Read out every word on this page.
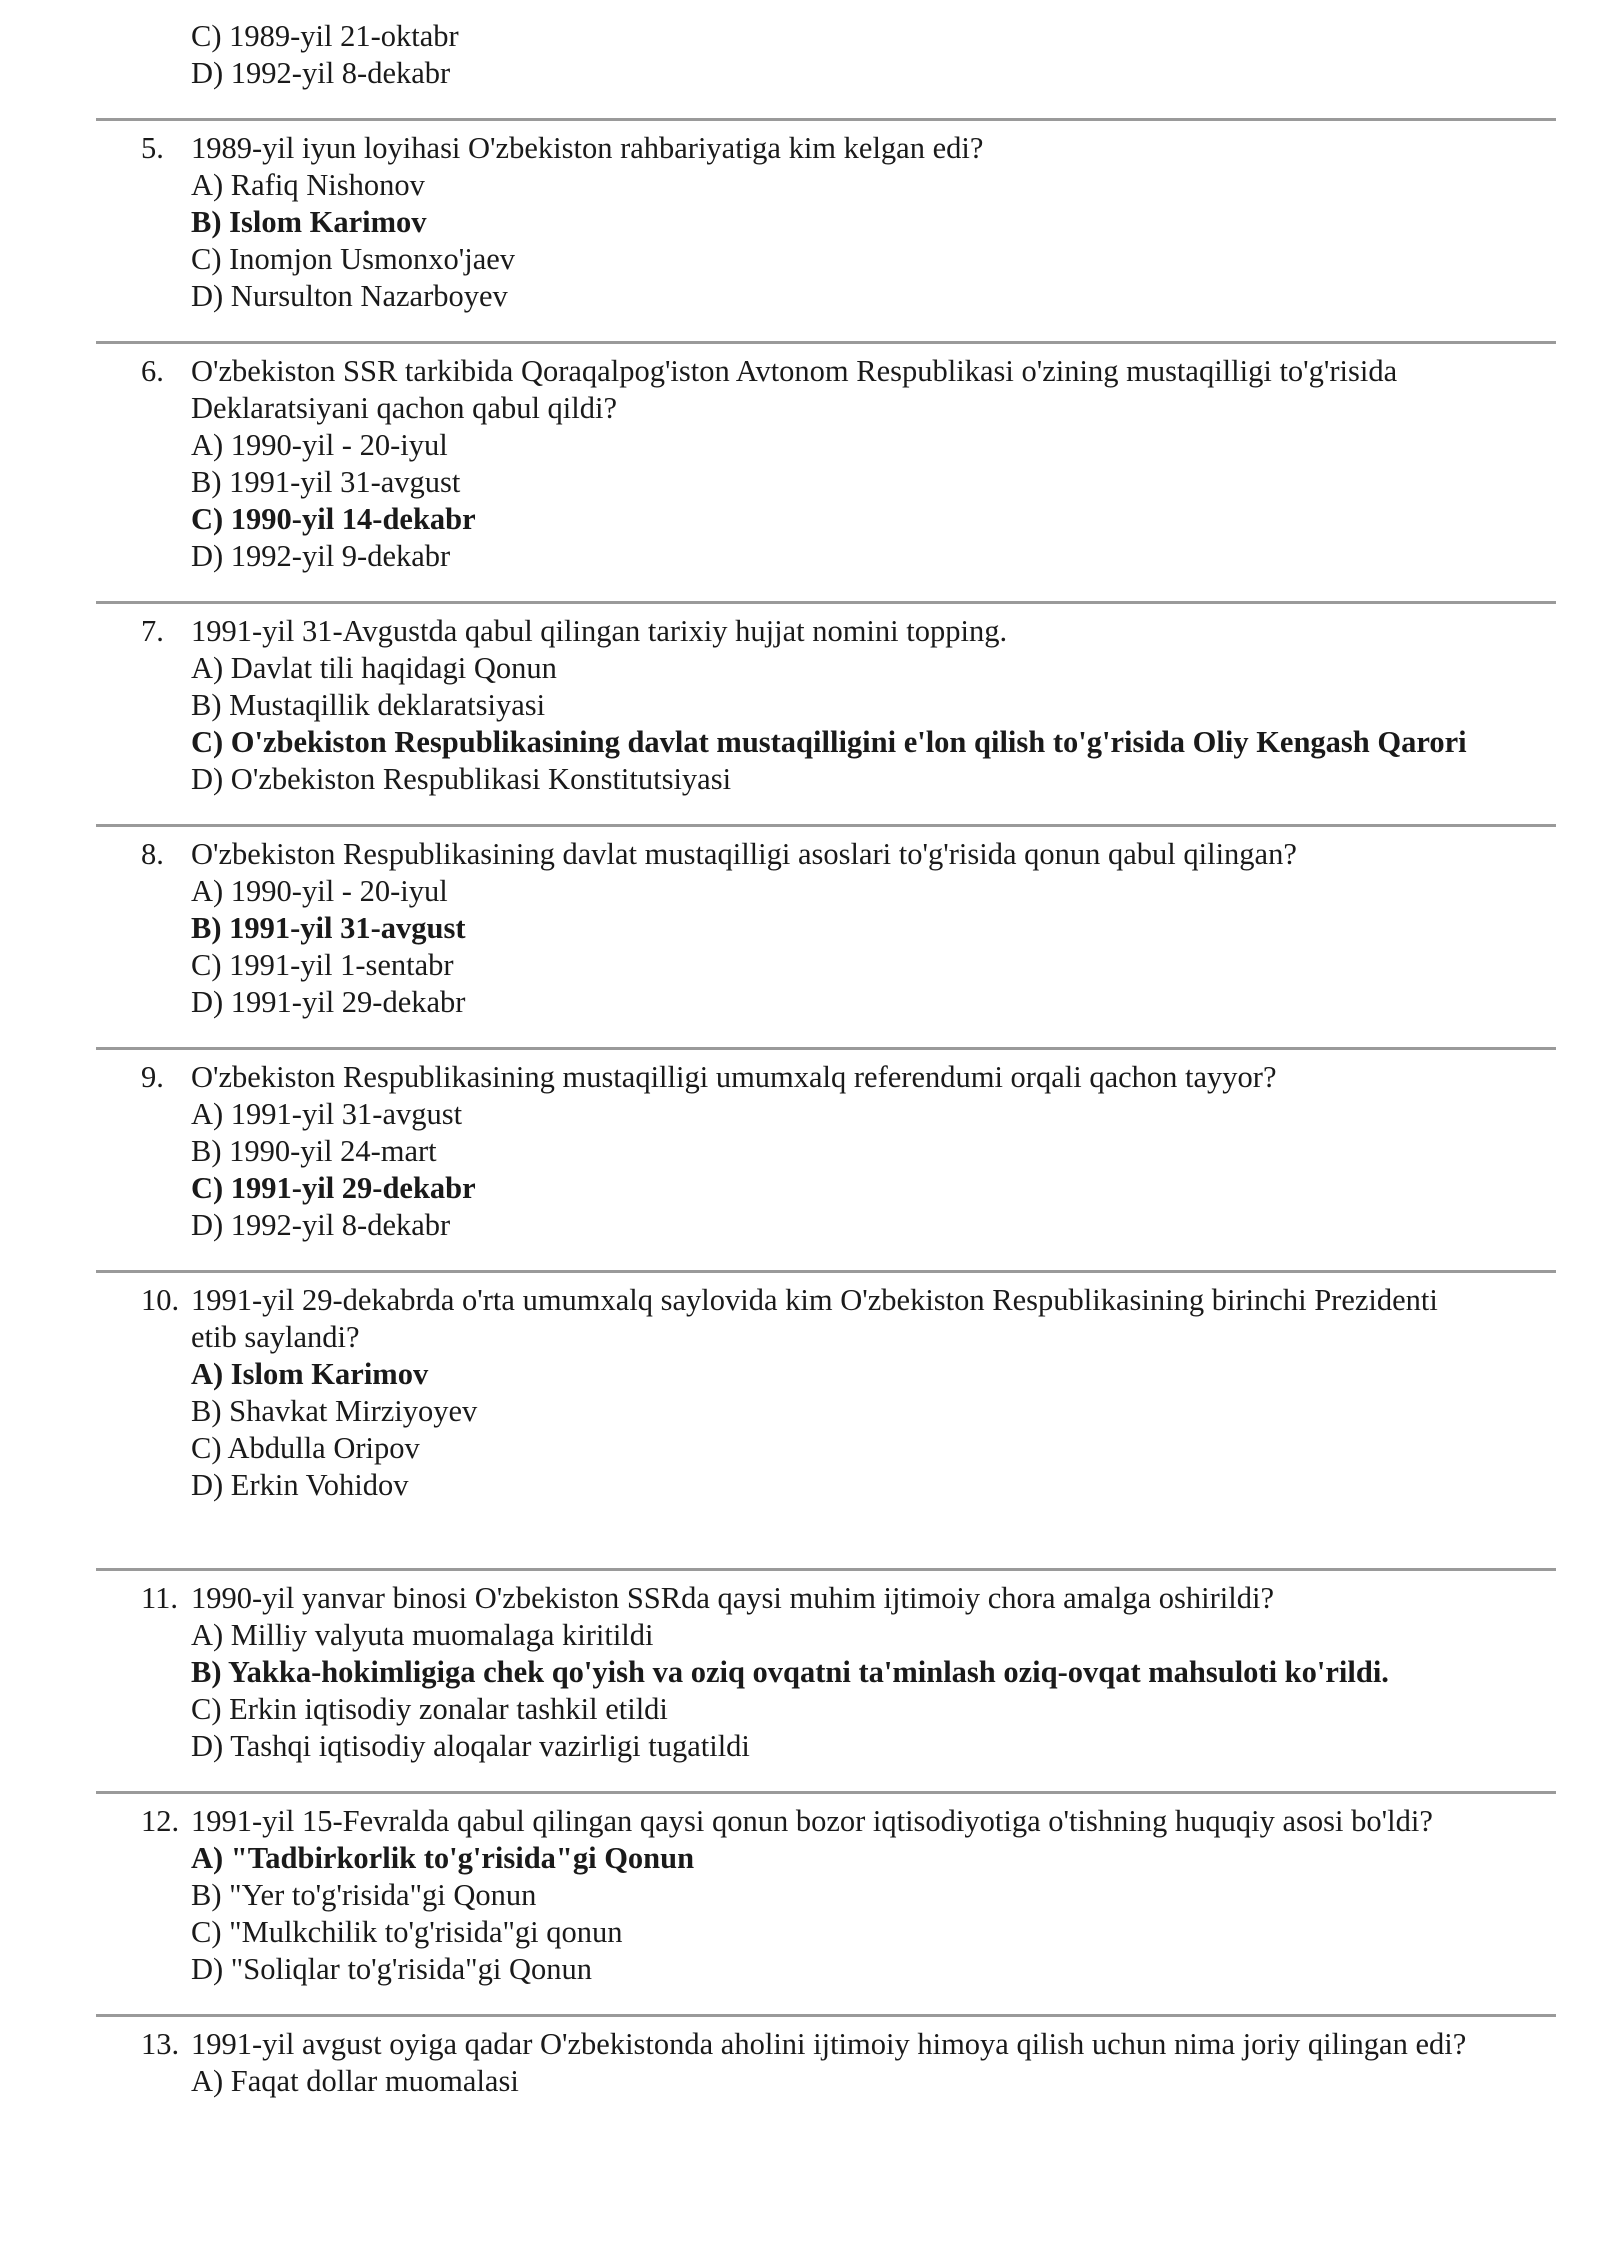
C) 1989-yil 21-oktabr
D) 1992-yil 8-dekabr
5. 1989-yil iyun loyihasi O'zbekiston rahbariyatiga kim kelgan edi?
A) Rafiq Nishonov
B) Islom Karimov
C) Inomjon Usmonxo'jaev
D) Nursulton Nazarboyev
6. O'zbekiston SSR tarkibida Qoraqalpog'iston Avtonom Respublikasi o'zining mustaqilligi to'g'risida
Deklaratsiyani qachon qabul qildi?
A) 1990-yil - 20-iyul
B) 1991-yil 31-avgust
C) 1990-yil 14-dekabr
D) 1992-yil 9-dekabr
7. 1991-yil 31-Avgustda qabul qilingan tarixiy hujjat nomini topping.
A) Davlat tili haqidagi Qonun
B) Mustaqillik deklaratsiyasi
C) O'zbekiston Respublikasining davlat mustaqilligini e'lon qilish to'g'risida Oliy Kengash Qarori
D) O'zbekiston Respublikasi Konstitutsiyasi
8. O'zbekiston Respublikasining davlat mustaqilligi asoslari to'g'risida qonun qabul qilingan?
A) 1990-yil - 20-iyul
B) 1991-yil 31-avgust
C) 1991-yil 1-sentabr
D) 1991-yil 29-dekabr
9. O'zbekiston Respublikasining mustaqilligi umumxalq referendumi orqali qachon tayyor?
A) 1991-yil 31-avgust
B) 1990-yil 24-mart
C) 1991-yil 29-dekabr
D) 1992-yil 8-dekabr
10. 1991-yil 29-dekabrda o'rta umumxalq saylovida kim O'zbekiston Respublikasining birinchi Prezidenti
etib saylandi?
A) Islom Karimov
B) Shavkat Mirziyoyev
C) Abdulla Oripov
D) Erkin Vohidov
11. 1990-yil yanvar binosi O'zbekiston SSRda qaysi muhim ijtimoiy chora amalga oshirildi?
A) Milliy valyuta muomalaga kiritildi
B) Yakka-hokimligiga chek qo'yish va oziq ovqatni ta'minlash oziq-ovqat mahsuloti ko'rildi.
C) Erkin iqtisodiy zonalar tashkil etildi
D) Tashqi iqtisodiy aloqalar vazirligi tugatildi
12. 1991-yil 15-Fevralda qabul qilingan qaysi qonun bozor iqtisodiyotiga o'tishning huquqiy asosi bo'ldi?
A) "Tadbirkorlik to'g'risida"gi Qonun
B) "Yer to'g'risida"gi Qonun
C) "Mulkchilik to'g'risida"gi qonun
D) "Soliqlar to'g'risida"gi Qonun
13. 1991-yil avgust oyiga qadar O'zbekistonda aholini ijtimoiy himoya qilish uchun nima joriy qilingan edi?
A) Faqat dollar muomalasi
